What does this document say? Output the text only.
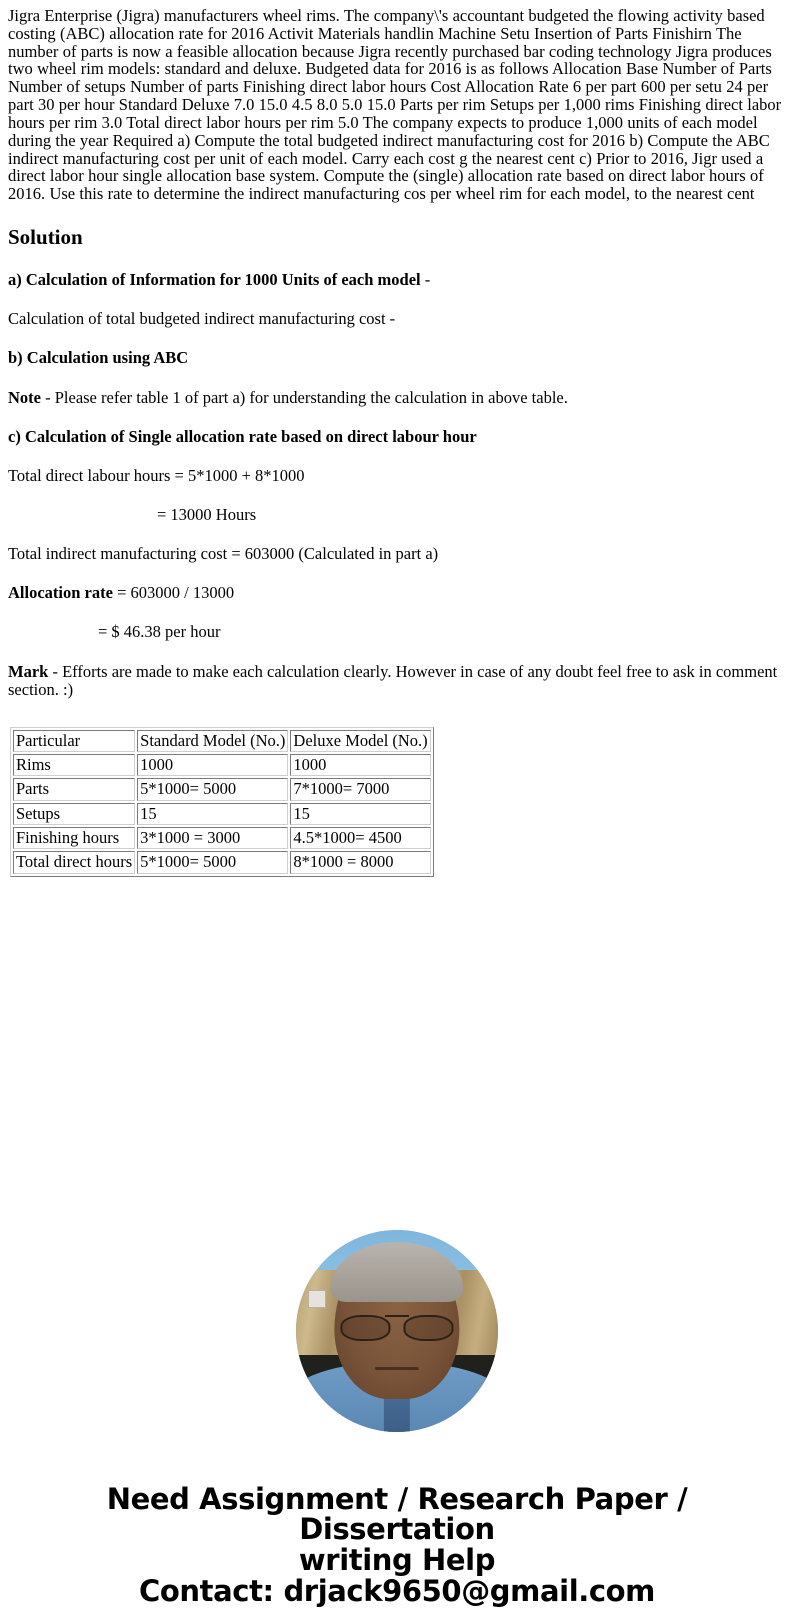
Jigra Enterprise (Jigra) manufacturers wheel rims. The company\'s accountant budgeted the flowing activity based costing (ABC) allocation rate for 2016 Activit Materials handlin Machine Setu Insertion of Parts Finishirn The number of parts is now a feasible allocation because Jigra recently purchased bar coding technology Jigra produces two wheel rim models: standard and deluxe. Budgeted data for 2016 is as follows Allocation Base Number of Parts Number of setups Number of parts Finishing direct labor hours Cost Allocation Rate 6 per part 600 per setu 24 per part 30 per hour Standard Deluxe 7.0 15.0 4.5 8.0 5.0 15.0 Parts per rim Setups per 1,000 rims Finishing direct labor hours per rim 3.0 Total direct labor hours per rim 5.0 The company expects to produce 1,000 units of each model during the year Required a) Compute the total budgeted indirect manufacturing cost for 2016 b) Compute the ABC indirect manufacturing cost per unit of each model. Carry each cost g the nearest cent c) Prior to 2016, Jigr used a direct labor hour single allocation base system. Compute the (single) allocation rate based on direct labor hours of 2016. Use this rate to determine the indirect manufacturing cos per wheel rim for each model, to the nearest cent

Solution

a) Calculation of Information for 1000 Units of each model -

Calculation of total budgeted indirect manufacturing cost -

b) Calculation using ABC

Note - Please refer table 1 of part a) for understanding the calculation in above table.

c) Calculation of Single allocation rate based on direct labour hour

Total direct labour hours = 5*1000 + 8*1000

= 13000 Hours

Total indirect manufacturing cost = 603000 (Calculated in part a)

Allocation rate = 603000 / 13000

= $ 46.38 per hour

Mark - Efforts are made to make each calculation clearly. However in case of any doubt feel free to ask in comment section. :)

Particular	Standard Model (No.)	Deluxe Model (No.)
Rims	1000	1000
Parts	5*1000= 5000	7*1000= 7000
Setups	15	15
Finishing hours	3*1000 = 3000	4.5*1000= 4500
Total direct hours	5*1000= 5000	8*1000 = 8000
Need Assignment / Research Paper / Dissertation
writing Help
Contact: drjack9650@gmail.com
